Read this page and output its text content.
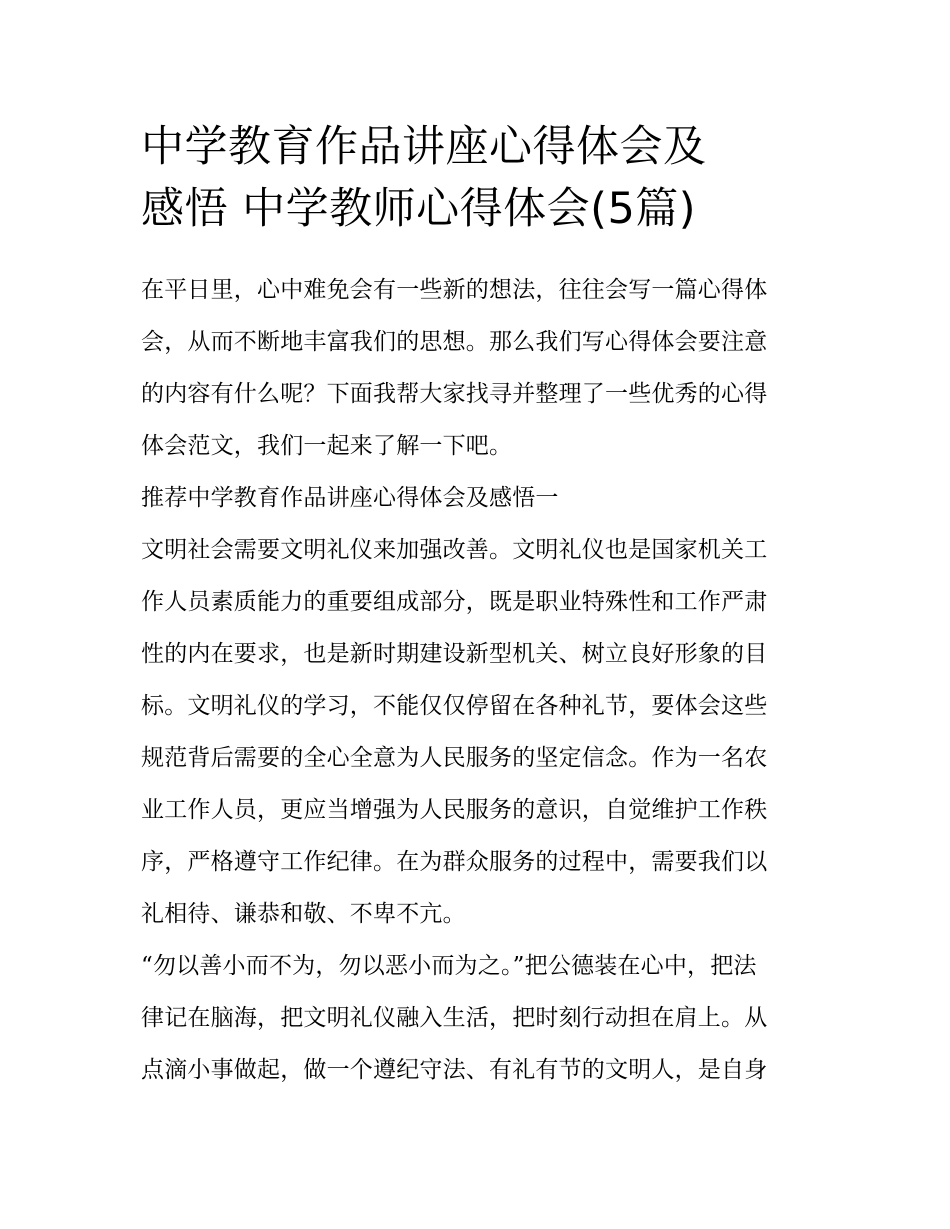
中学教育作品讲座心得体会及
感悟 中学教师心得体会(5篇)

在平日里，心中难免会有一些新的想法，往往会写一篇心得体
会，从而不断地丰富我们的思想。那么我们写心得体会要注意
的内容有什么呢？下面我帮大家找寻并整理了一些优秀的心得
体会范文，我们一起来了解一下吧。

推荐中学教育作品讲座心得体会及感悟一

文明社会需要文明礼仪来加强改善。文明礼仪也是国家机关工
作人员素质能力的重要组成部分，既是职业特殊性和工作严肃
性的内在要求，也是新时期建设新型机关、树立良好形象的目
标。文明礼仪的学习，不能仅仅停留在各种礼节，要体会这些
规范背后需要的全心全意为人民服务的坚定信念。作为一名农
业工作人员，更应当增强为人民服务的意识，自觉维护工作秩
序，严格遵守工作纪律。在为群众服务的过程中，需要我们以
礼相待、谦恭和敬、不卑不亢。

“勿以善小而不为，勿以恶小而为之。”把公德装在心中，把法
律记在脑海，把文明礼仪融入生活，把时刻行动担在肩上。从
点滴小事做起，做一个遵纪守法、有礼有节的文明人，是自身
